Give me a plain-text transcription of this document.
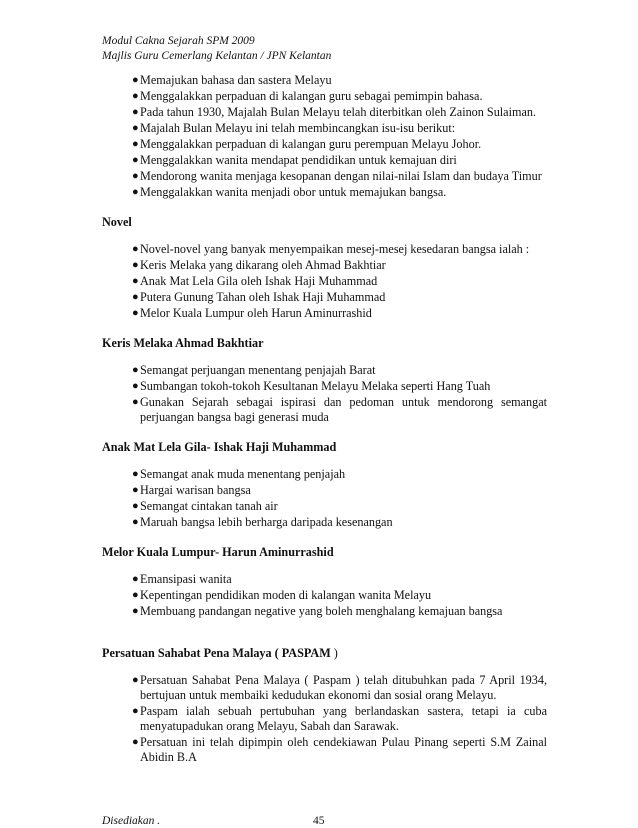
Modul Cakna Sejarah SPM 2009
Majlis Guru Cemerlang Kelantan / JPN Kelantan
● Memajukan bahasa dan sastera Melayu
● Menggalakkan perpaduan di kalangan guru sebagai pemimpin bahasa.
● Pada tahun 1930, Majalah Bulan Melayu telah diterbitkan oleh Zainon Sulaiman.
● Majalah Bulan Melayu ini telah membincangkan isu-isu berikut:
● Menggalakkan perpaduan di kalangan guru perempuan Melayu Johor.
● Menggalakkan wanita mendapat pendidikan untuk kemajuan diri
● Mendorong wanita menjaga kesopanan dengan nilai-nilai Islam dan budaya Timur
● Menggalakkan wanita menjadi obor untuk memajukan bangsa.
Novel
● Novel-novel yang banyak menyempaikan mesej-mesej kesedaran bangsa ialah :
● Keris Melaka yang dikarang oleh Ahmad Bakhtiar
● Anak Mat Lela Gila oleh Ishak Haji Muhammad
● Putera Gunung Tahan oleh Ishak Haji Muhammad
● Melor Kuala Lumpur oleh Harun Aminurrashid
Keris Melaka Ahmad Bakhtiar
● Semangat perjuangan menentang penjajah Barat
● Sumbangan tokoh-tokoh Kesultanan Melayu Melaka seperti Hang Tuah
● Gunakan Sejarah sebagai ispirasi dan pedoman untuk mendorong semangat perjuangan bangsa bagi generasi muda
Anak Mat Lela Gila- Ishak Haji Muhammad
● Semangat anak muda menentang penjajah
● Hargai warisan bangsa
● Semangat cintakan tanah air
● Maruah bangsa lebih berharga daripada kesenangan
Melor Kuala Lumpur- Harun Aminurrashid
● Emansipasi wanita
● Kepentingan pendidikan moden di kalangan wanita Melayu
● Membuang pandangan negative yang boleh menghalang kemajuan bangsa
Persatuan Sahabat Pena Malaya ( PASPAM )
● Persatuan Sahabat Pena Malaya ( Paspam ) telah ditubuhkan pada 7 April 1934, bertujuan untuk membaiki kedudukan ekonomi dan sosial orang Melayu.
● Paspam ialah sebuah pertubuhan yang berlandaskan sastera, tetapi ia cuba menyatupadukan orang Melayu, Sabah dan Sarawak.
● Persatuan ini telah dipimpin oleh cendekiawan Pulau Pinang seperti S.M Zainal Abidin B.A
Disediakan .	45
